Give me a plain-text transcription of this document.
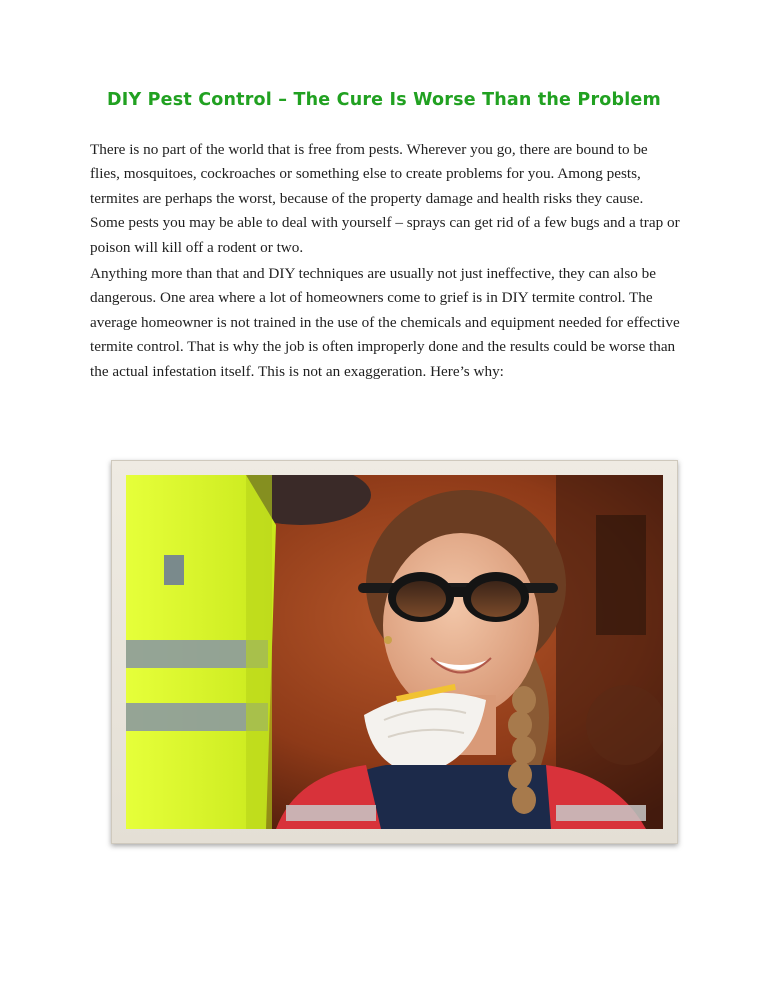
DIY Pest Control – The Cure Is Worse Than the Problem

There is no part of the world that is free from pests. Wherever you go, there are bound to be flies, mosquitoes, cockroaches or something else to create problems for you. Among pests, termites are perhaps the worst, because of the property damage and health risks they cause. Some pests you may be able to deal with yourself – sprays can get rid of a few bugs and a trap or poison will kill off a rodent or two.

Anything more than that and DIY techniques are usually not just ineffective, they can also be dangerous. One area where a lot of homeowners come to grief is in DIY termite control. The average homeowner is not trained in the use of the chemicals and equipment needed for effective termite control. That is why the job is often improperly done and the results could be worse than the actual infestation itself. This is not an exaggeration. Here’s why:
